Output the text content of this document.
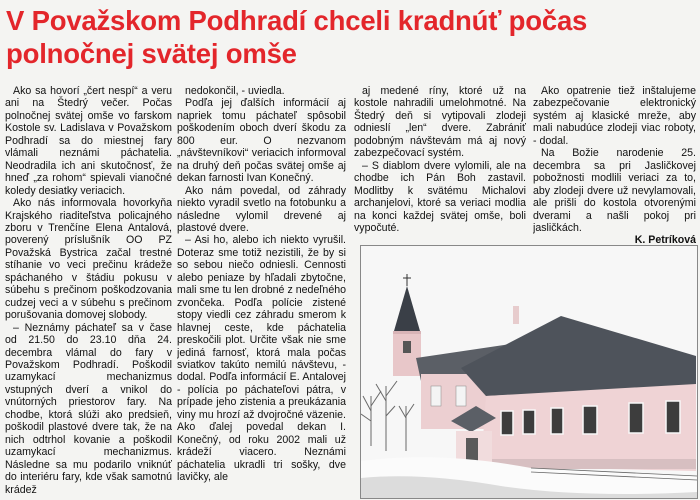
V Považskom Podhradí chceli kradnúť počas
polnočnej svätej omše

Ako sa hovorí „čert nespí“ a veru ani na Štedrý večer. Počas polnočnej svätej omše vo farskom Kostole sv. Ladislava v Považskom Podhradí sa do miestnej fary vlámali neznámi páchatelia. Neodradila ich ani skutočnosť, že hneď „za rohom“ spievali vianočné koledy desiatky veriacich.

Ako nás informovala hovorkyňa Krajského riaditeľstva policajného zboru v Trenčíne Elena Antalová, poverený príslušník OO PZ Považská Bystrica začal trestné stíhanie vo veci prečinu krádeže spáchaného v štádiu pokusu v súbehu s prečinom poškodzovania cudzej veci a v súbehu s prečinom porušovania domovej slobody.

– Neznámy páchateľ sa v čase od 21.50 do 23.10 dňa 24. decembra vlámal do fary v Považskom Podhradí. Poškodil uzamykací mechanizmus vstupných dverí a vnikol do vnútorných priestorov fary. Na chodbe, ktorá slúži ako predsieň, poškodil plastové dvere tak, že na nich odtrhol kovanie a poškodil uzamykací mechanizmus. Následne sa mu podarilo vniknúť do interiéru fary, kde však samotnú krádež

nedokončil, - uviedla.

Podľa jej ďalších informácií aj napriek tomu páchateľ spôsobil poškodením oboch dverí škodu za 800 eur. O nezvanom „návštevníkovi“ veriacich informoval na druhý deň počas svätej omše aj dekan farnosti Ivan Konečný.

Ako nám povedal, od záhrady niekto vyradil svetlo na fotobunku a následne vylomil drevené aj plastové dvere.

– Asi ho, alebo ich niekto vyrušil. Doteraz sme totiž nezistili, že by si so sebou niečo odniesli. Cennosti alebo peniaze by hľadali zbytočne, mali sme tu len drobné z nedeľného zvončeka. Podľa polície zistené stopy viedli cez záhradu smerom k hlavnej ceste, kde páchatelia preskočili plot. Určite však nie sme jediná farnosť, ktorá mala počas sviatkov takúto nemilú návštevu, - dodal. Podľa informácií E. Antalovej - polícia po páchateľovi pátra, v prípade jeho zistenia a preukázania viny mu hrozí až dvojročné väzenie. Ako ďalej povedal dekan I. Konečný, od roku 2002 mali už krádeží viacero. Neznámi páchatelia ukradli tri sošky, dve lavičky, ale

aj medené ríny, ktoré už na kostole nahradili umelohmotné. Na Štedrý deň si vytipovali zlodeji odnieslí „len“ dvere. Zabrániť podobným návštevám má aj nový zabezpečovací systém.

– S diablom dvere vylomili, ale na chodbe ich Pán Boh zastavil. Modlitby k svätému Michalovi archanjelovi, ktoré sa veriaci modlia na konci každej svätej omše, boli vypočuté.

Ako opatrenie tiež inštalujeme zabezpečovanie elektronický systém aj klasické mreže, aby mali nabudúce zlodeji viac roboty, - dodal.

Na Božie narodenie 25. decembra sa pri Jasličkovej pobožnosti modlili veriaci za to, aby zlodeji dvere už nevylamovali, ale prišli do kostola otvorenými dverami a našli pokoj pri jasličkách.

K. Petríková
